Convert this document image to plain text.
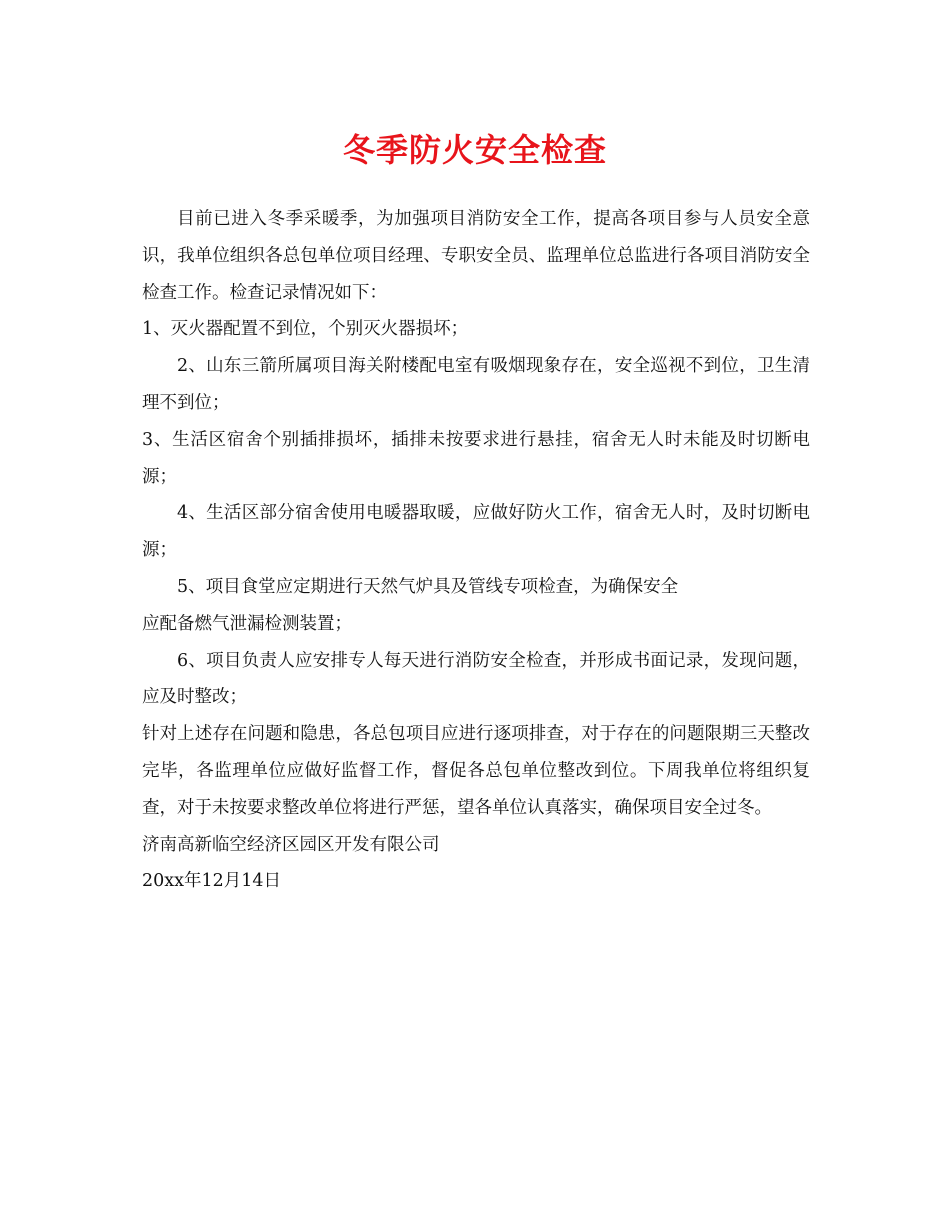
冬季防火安全检查

目前已进入冬季采暖季，为加强项目消防安全工作，提高各项目参与人员安全意识，我单位组织各总包单位项目经理、专职安全员、监理单位总监进行各项目消防安全检查工作。检查记录情况如下：

1、灭火器配置不到位，个别灭火器损坏；

2、山东三箭所属项目海关附楼配电室有吸烟现象存在，安全巡视不到位，卫生清理不到位；

3、生活区宿舍个别插排损坏，插排未按要求进行悬挂，宿舍无人时未能及时切断电源；

4、生活区部分宿舍使用电暖器取暖，应做好防火工作，宿舍无人时，及时切断电源；

5、项目食堂应定期进行天然气炉具及管线专项检查，为确保安全

应配备燃气泄漏检测装置；

6、项目负责人应安排专人每天进行消防安全检查，并形成书面记录，发现问题，应及时整改；

针对上述存在问题和隐患，各总包项目应进行逐项排查，对于存在的问题限期三天整改完毕，各监理单位应做好监督工作，督促各总包单位整改到位。下周我单位将组织复查，对于未按要求整改单位将进行严惩，望各单位认真落实，确保项目安全过冬。

济南高新临空经济区园区开发有限公司

20xx年12月14日
